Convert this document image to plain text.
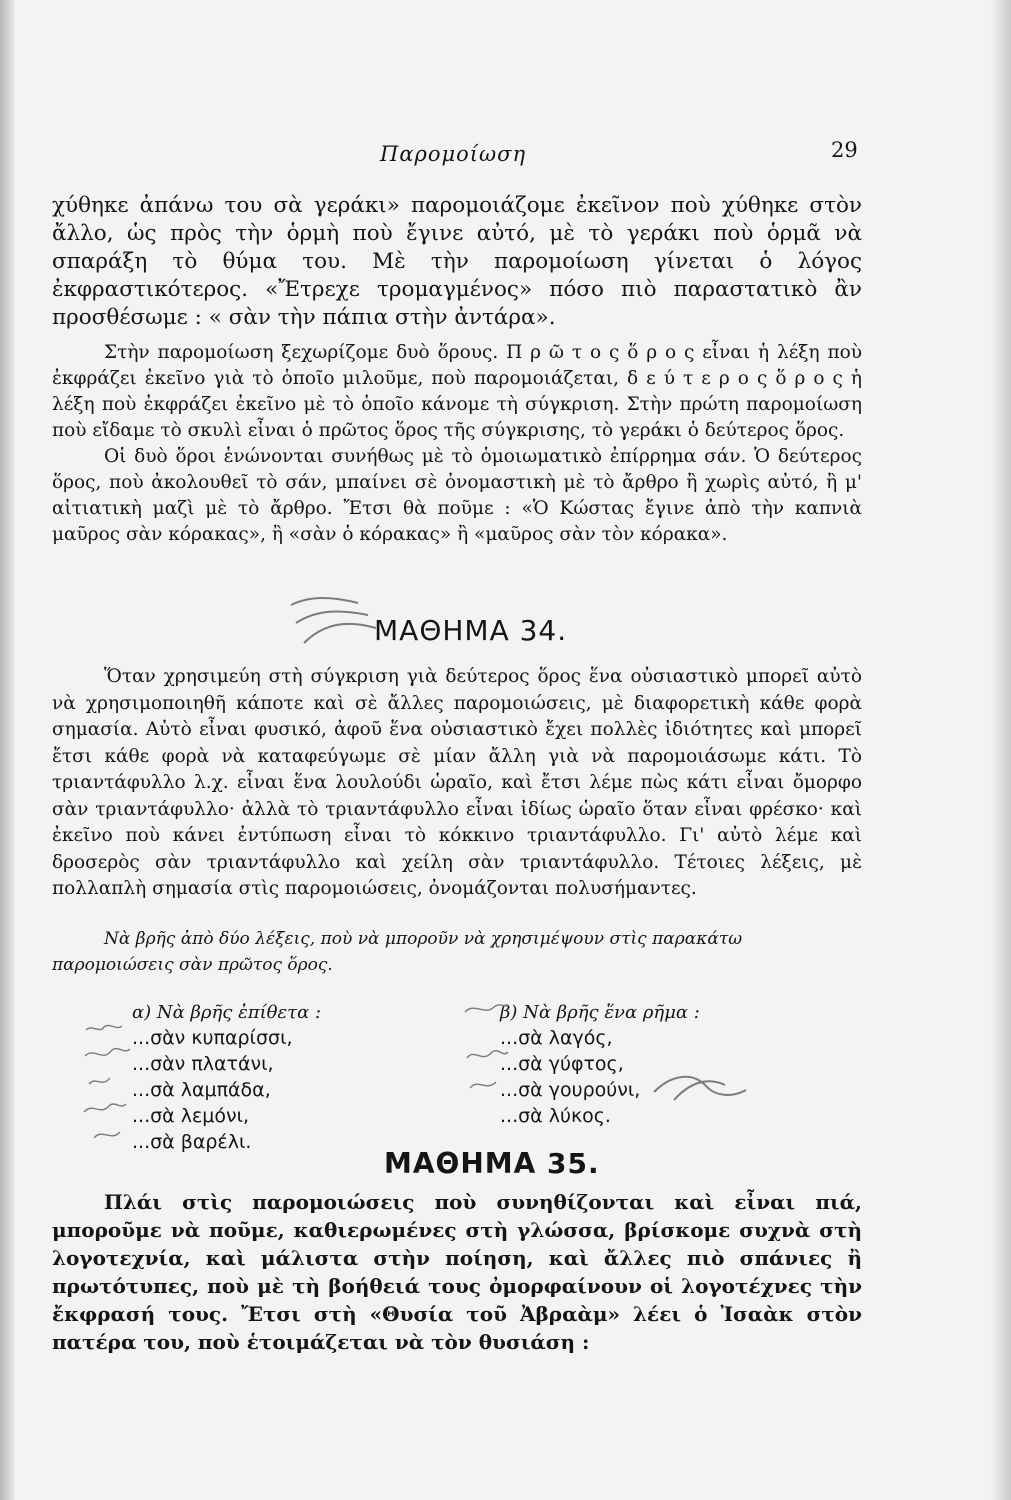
Παρομοίωση	29

χύθηκε ἀπάνω του σὰ γεράκι» παρομοιάζομε ἐκεῖνον ποὺ χύθηκε στὸν ἄλλο, ὡς πρὸς τὴν ὁρμὴ ποὺ ἔγινε αὐτό, μὲ τὸ γεράκι ποὺ ὁρμᾶ νὰ σπαράξη τὸ θύμα του. Μὲ τὴν παρομοίωση γίνεται ὁ λόγος ἐκφραστικότερος. «Ἔτρεχε τρομαγμένος» πόσο πιὸ παραστατικὸ ἂν προσθέσωμε : « σὰν τὴν πάπια στὴν ἀντάρα».

Στὴν παρομοίωση ξεχωρίζομε δυὸ ὅρους. Π ρ ῶ τ ο ς ὅ ρ ο ς εἶναι ἡ λέξη ποὺ ἐκφράζει ἐκεῖνο γιὰ τὸ ὁποῖο μιλοῦμε, ποὺ παρομοιάζεται, δ ε ύ τ ε ρ ο ς ὅ ρ ο ς ἡ λέξη ποὺ ἐκφράζει ἐκεῖνο μὲ τὸ ὁποῖο κάνομε τὴ σύγκριση. Στὴν πρώτη παρομοίωση ποὺ εἴδαμε τὸ σκυλὶ εἶναι ὁ πρῶτος ὅρος τῆς σύγκρισης, τὸ γεράκι ὁ δεύτερος ὅρος.

Οἱ δυὸ ὅροι ἑνώνονται συνήθως μὲ τὸ ὁμοιωματικὸ ἐπίρρημα σάν. Ὁ δεύτερος ὅρος, ποὺ ἀκολουθεῖ τὸ σάν, μπαίνει σὲ ὀνομαστικὴ μὲ τὸ ἄρθρο ἢ χωρὶς αὐτό, ἢ μ' αἰτιατικὴ μαζὶ μὲ τὸ ἄρθρο. Ἔτσι θὰ ποῦμε : «Ὁ Κώστας ἔγινε ἀπὸ τὴν καπνιὰ μαῦρος σὰν κόρακας», ἢ «σὰν ὁ κόρακας» ἢ «μαῦρος σὰν τὸν κόρακα».

ΜΑΘΗΜΑ 34.

Ὅταν χρησιμεύη στὴ σύγκριση γιὰ δεύτερος ὅρος ἕνα οὐσιαστικὸ μπορεῖ αὐτὸ νὰ χρησιμοποιηθῆ κάποτε καὶ σὲ ἄλλες παρομοιώσεις, μὲ διαφορετικὴ κάθε φορὰ σημασία. Αὐτὸ εἶναι φυσικό, ἀφοῦ ἕνα οὐσιαστικὸ ἔχει πολλὲς ἰδιότητες καὶ μπορεῖ ἔτσι κάθε φορὰ νὰ καταφεύγωμε σὲ μίαν ἄλλη γιὰ νὰ παρομοιάσωμε κάτι. Τὸ τριαντάφυλλο λ.χ. εἶναι ἕνα λουλούδι ὡραῖο, καὶ ἔτσι λέμε πὼς κάτι εἶναι ὄμορφο σὰν τριαντάφυλλο· ἀλλὰ τὸ τριαντάφυλλο εἶναι ἰδίως ὡραῖο ὅταν εἶναι φρέσκο· καὶ ἐκεῖνο ποὺ κάνει ἐντύπωση εἶναι τὸ κόκκινο τριαντάφυλλο. Γι' αὐτὸ λέμε καὶ δροσερὸς σὰν τριαντάφυλλο καὶ χείλη σὰν τριαντάφυλλο. Τέτοιες λέξεις, μὲ πολλαπλὴ σημασία στὶς παρομοιώσεις, ὀνομάζονται πολυσήμαντες.

Νὰ βρῆς ἀπὸ δύο λέξεις, ποὺ νὰ μποροῦν νὰ χρησιμέψουν στὶς παρακάτω παρομοιώσεις σὰν πρῶτος ὅρος.

α) Νὰ βρῆς ἐπίθετα :

...σὰν κυπαρίσσι,

...σὰν πλατάνι,

...σὰ λαμπάδα,

...σὰ λεμόνι,

...σὰ βαρέλι.

β) Νὰ βρῆς ἕνα ρῆμα :

...σὰ λαγός,

...σὰ γύφτος,

...σὰ γουρούνι,

...σὰ λύκος.

ΜΑΘΗΜΑ 35.

Πλάι στὶς παρομοιώσεις ποὺ συνηθίζονται καὶ εἶναι πιά, μποροῦμε νὰ ποῦμε, καθιερωμένες στὴ γλώσσα, βρίσκομε συχνὰ στὴ λογοτεχνία, καὶ μάλιστα στὴν ποίηση, καὶ ἄλλες πιὸ σπάνιες ἢ πρωτότυπες, ποὺ μὲ τὴ βοήθειά τους ὀμορφαίνουν οἱ λογοτέχνες τὴν ἔκφρασή τους. Ἔτσι στὴ «Θυσία τοῦ Ἀβραὰμ» λέει ὁ Ἰσαὰκ στὸν πατέρα του, ποὺ ἑτοιμάζεται νὰ τὸν θυσιάση :
